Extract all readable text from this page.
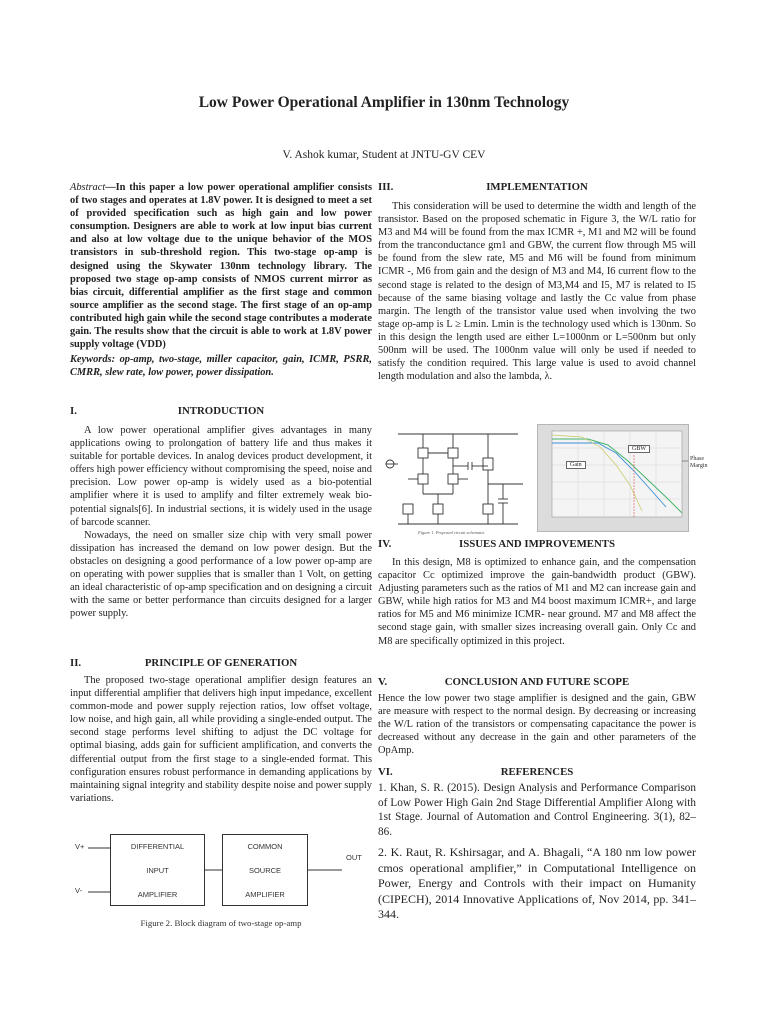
Low Power Operational Amplifier in 130nm Technology
V. Ashok kumar, Student at JNTU-GV CEV
Abstract—In this paper a low power operational amplifier consists of two stages and operates at 1.8V power. It is designed to meet a set of provided specification such as high gain and low power consumption. Designers are able to work at low input bias current and also at low voltage due to the unique behavior of the MOS transistors in sub-threshold region. This two-stage op-amp is designed using the Skywater 130nm technology library. The proposed two stage op-amp consists of NMOS current mirror as bias circuit, differential amplifier as the first stage and common source amplifier as the second stage. The first stage of an op-amp contributed high gain while the second stage contributes a moderate gain. The results show that the circuit is able to work at 1.8V power supply voltage (VDD)
Keywords: op-amp, two-stage, miller capacitor, gain, ICMR, PSRR, CMRR, slew rate, low power, power dissipation.
I.	INTRODUCTION

A low power operational amplifier gives advantages in many applications owing to prolongation of battery life and thus makes it suitable for portable devices. In analog devices product development, it offers high power efficiency without compromising the speed, noise and precision. Low power op-amp is widely used as a bio-potential amplifier where it is used to amplify and filter extremely weak bio-potential signals[6]. In industrial sections, it is widely used in the usage of barcode scanner.

Nowadays, the need on smaller size chip with very small power dissipation has increased the demand on low power design. But the obstacles on designing a good performance of a low power op-amp are on operating with power supplies that is smaller than 1 Volt, on getting an ideal characteristic of op-amp specification and on designing a circuit with the same or better performance than circuits designed for a larger power supply.

II.	PRINCIPLE OF GENERATION

The proposed two-stage operational amplifier design features an input differential amplifier that delivers high input impedance, excellent common-mode and power supply rejection ratios, low offset voltage, low noise, and high gain, all while providing a single-ended output. The second stage performs level shifting to adjust the DC voltage for optimal biasing, adds gain for sufficient amplification, and converts the differential output from the first stage to a single-ended format. This configuration ensures robust performance in demanding applications by maintaining signal integrity and stability despite noise and power supply variations.

V+
V-
DIFFERENTIAL
INPUT
AMPLIFIER
COMMON
SOURCE
AMPLIFIER
OUT
Figure 2. Block diagram of two-stage op-amp
III.	IMPLEMENTATION

This consideration will be used to determine the width and length of the transistor. Based on the proposed schematic in Figure 3, the W/L ratio for M3 and M4 will be found from the max ICMR +, M1 and M2 will be found from the tranconductance gm1 and GBW, the current flow through M5 will be found from the slew rate, M5 and M6 will be found from minimum ICMR -, M6 from gain and the design of M3 and M4, I6 current flow to the second stage is related to the design of M3,M4 and I5, M7 is related to I5 because of the same biasing voltage and lastly the Cc value from phase margin. The length of the transistor value used when involving the two stage op-amp is L ≥ Lmin. Lmin is the technology used which is 130nm. So in this design the length used are either L=1000nm or L=500nm but only 500nm will be used. The 1000nm value will only be used if needed to satisfy the condition required. This large value is used to avoid channel length modulation and also the lambda, λ.

Figure 1. Proposed circuit schematic
Gain
GBW
Phase Margin
IV.	ISSUES AND IMPROVEMENTS

In this design, M8 is optimized to enhance gain, and the compensation capacitor Cc optimized improve the gain-bandwidth product (GBW). Adjusting parameters such as the ratios of M1 and M2 can increase gain and GBW, while high ratios for M3 and M4 boost maximum ICMR+, and large ratios for M5 and M6 minimize ICMR- near ground. M7 and M8 affect the second stage gain, with smaller sizes increasing overall gain. Only Cc and M8 are specifically optimized in this project.

V.	CONCLUSION AND FUTURE SCOPE

Hence the low power two stage amplifier is designed and the gain, GBW are measure with respect to the normal design. By decreasing or increasing the W/L ration of the transistors or compensating capacitance the power is decreased without any decrease in the gain and other parameters of the OpAmp.

VI.	REFERENCES
1. Khan, S. R. (2015). Design Analysis and Performance Comparison of Low Power High Gain 2nd Stage Differential Amplifier Along with 1st Stage. Journal of Automation and Control Engineering. 3(1), 82–86.
2. K. Raut, R. Kshirsagar, and A. Bhagali, “A 180 nm low power cmos operational amplifier,” in Computational Intelligence on Power, Energy and Controls with their impact on Humanity (CIPECH), 2014 Innovative Applications of, Nov 2014, pp. 341–344.
